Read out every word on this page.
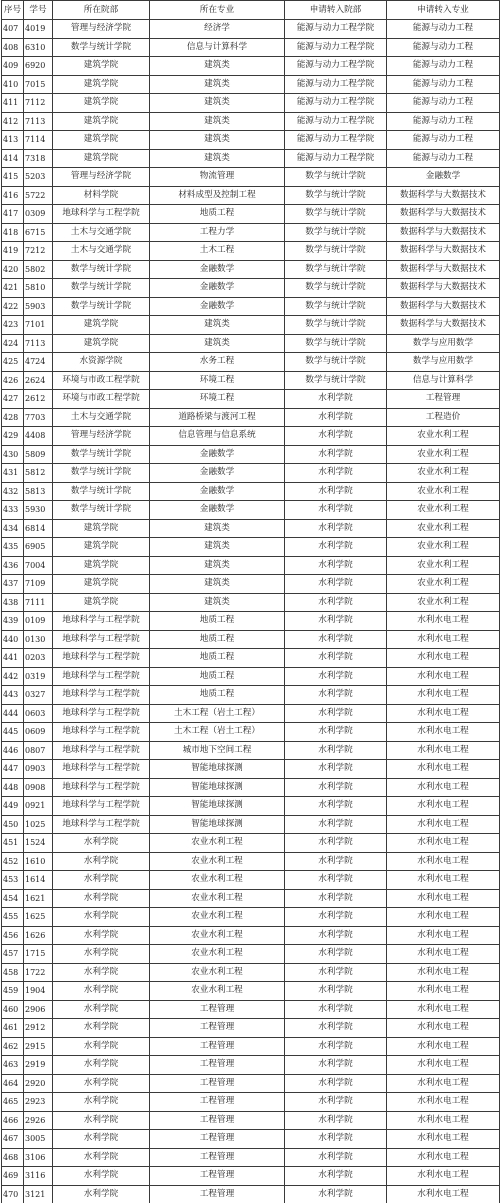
序号	学号	所在院部	所在专业	申请转入院部	申请转入专业
407	4019	管理与经济学院	经济学	能源与动力工程学院	能源与动力工程
408	6310	数学与统计学院	信息与计算科学	能源与动力工程学院	能源与动力工程
409	6920	建筑学院	建筑类	能源与动力工程学院	能源与动力工程
410	7015	建筑学院	建筑类	能源与动力工程学院	能源与动力工程
411	7112	建筑学院	建筑类	能源与动力工程学院	能源与动力工程
412	7113	建筑学院	建筑类	能源与动力工程学院	能源与动力工程
413	7114	建筑学院	建筑类	能源与动力工程学院	能源与动力工程
414	7318	建筑学院	建筑类	能源与动力工程学院	能源与动力工程
415	5203	管理与经济学院	物流管理	数学与统计学院	金融数学
416	5722	材料学院	材料成型及控制工程	数学与统计学院	数据科学与大数据技术
417	0309	地球科学与工程学院	地质工程	数学与统计学院	数据科学与大数据技术
418	6715	土木与交通学院	工程力学	数学与统计学院	数据科学与大数据技术
419	7212	土木与交通学院	土木工程	数学与统计学院	数据科学与大数据技术
420	5802	数学与统计学院	金融数学	数学与统计学院	数据科学与大数据技术
421	5810	数学与统计学院	金融数学	数学与统计学院	数据科学与大数据技术
422	5903	数学与统计学院	金融数学	数学与统计学院	数据科学与大数据技术
423	7101	建筑学院	建筑类	数学与统计学院	数据科学与大数据技术
424	7113	建筑学院	建筑类	数学与统计学院	数学与应用数学
425	4724	水资源学院	水务工程	数学与统计学院	数学与应用数学
426	2624	环境与市政工程学院	环境工程	数学与统计学院	信息与计算科学
427	2612	环境与市政工程学院	环境工程	水利学院	工程管理
428	7703	土木与交通学院	道路桥梁与渡河工程	水利学院	工程造价
429	4408	管理与经济学院	信息管理与信息系统	水利学院	农业水利工程
430	5809	数学与统计学院	金融数学	水利学院	农业水利工程
431	5812	数学与统计学院	金融数学	水利学院	农业水利工程
432	5813	数学与统计学院	金融数学	水利学院	农业水利工程
433	5930	数学与统计学院	金融数学	水利学院	农业水利工程
434	6814	建筑学院	建筑类	水利学院	农业水利工程
435	6905	建筑学院	建筑类	水利学院	农业水利工程
436	7004	建筑学院	建筑类	水利学院	农业水利工程
437	7109	建筑学院	建筑类	水利学院	农业水利工程
438	7111	建筑学院	建筑类	水利学院	农业水利工程
439	0109	地球科学与工程学院	地质工程	水利学院	水利水电工程
440	0130	地球科学与工程学院	地质工程	水利学院	水利水电工程
441	0203	地球科学与工程学院	地质工程	水利学院	水利水电工程
442	0319	地球科学与工程学院	地质工程	水利学院	水利水电工程
443	0327	地球科学与工程学院	地质工程	水利学院	水利水电工程
444	0603	地球科学与工程学院	土木工程（岩土工程）	水利学院	水利水电工程
445	0609	地球科学与工程学院	土木工程（岩土工程）	水利学院	水利水电工程
446	0807	地球科学与工程学院	城市地下空间工程	水利学院	水利水电工程
447	0903	地球科学与工程学院	智能地球探测	水利学院	水利水电工程
448	0908	地球科学与工程学院	智能地球探测	水利学院	水利水电工程
449	0921	地球科学与工程学院	智能地球探测	水利学院	水利水电工程
450	1025	地球科学与工程学院	智能地球探测	水利学院	水利水电工程
451	1524	水利学院	农业水利工程	水利学院	水利水电工程
452	1610	水利学院	农业水利工程	水利学院	水利水电工程
453	1614	水利学院	农业水利工程	水利学院	水利水电工程
454	1621	水利学院	农业水利工程	水利学院	水利水电工程
455	1625	水利学院	农业水利工程	水利学院	水利水电工程
456	1626	水利学院	农业水利工程	水利学院	水利水电工程
457	1715	水利学院	农业水利工程	水利学院	水利水电工程
458	1722	水利学院	农业水利工程	水利学院	水利水电工程
459	1904	水利学院	农业水利工程	水利学院	水利水电工程
460	2906	水利学院	工程管理	水利学院	水利水电工程
461	2912	水利学院	工程管理	水利学院	水利水电工程
462	2915	水利学院	工程管理	水利学院	水利水电工程
463	2919	水利学院	工程管理	水利学院	水利水电工程
464	2920	水利学院	工程管理	水利学院	水利水电工程
465	2923	水利学院	工程管理	水利学院	水利水电工程
466	2926	水利学院	工程管理	水利学院	水利水电工程
467	3005	水利学院	工程管理	水利学院	水利水电工程
468	3106	水利学院	工程管理	水利学院	水利水电工程
469	3116	水利学院	工程管理	水利学院	水利水电工程
470	3121	水利学院	工程管理	水利学院	水利水电工程
